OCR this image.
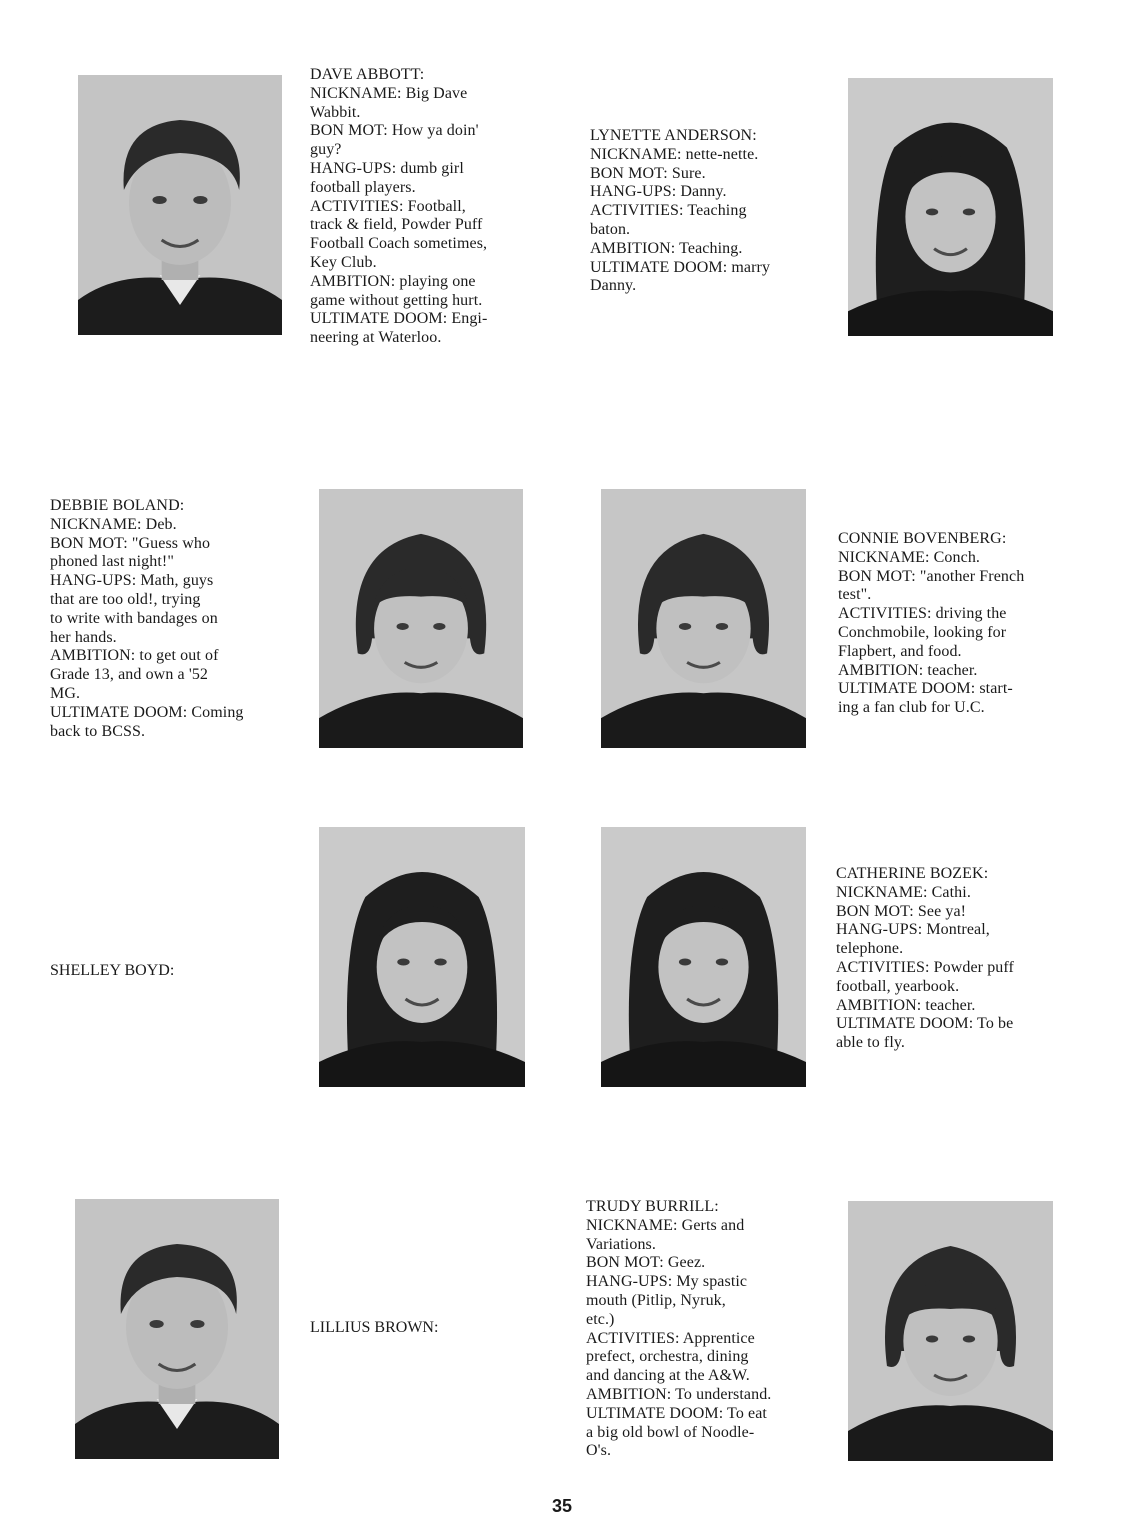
DAVE ABBOTT:
NICKNAME: Big Dave
Wabbit.
BON MOT: How ya doin'
guy?
HANG-UPS: dumb girl
football players.
ACTIVITIES: Football,
track & field, Powder Puff
Football Coach sometimes,
Key Club.
AMBITION: playing one
game without getting hurt.
ULTIMATE DOOM: Engi-
neering at Waterloo.
LYNETTE ANDERSON:
NICKNAME: nette-nette.
BON MOT: Sure.
HANG-UPS: Danny.
ACTIVITIES: Teaching
baton.
AMBITION: Teaching.
ULTIMATE DOOM: marry
Danny.
DEBBIE BOLAND:
NICKNAME: Deb.
BON MOT: "Guess who
phoned last night!"
HANG-UPS: Math, guys
that are too old!, trying
to write with bandages on
her hands.
AMBITION: to get out of
Grade 13, and own a '52
MG.
ULTIMATE DOOM: Coming
back to BCSS.
CONNIE BOVENBERG:
NICKNAME: Conch.
BON MOT: "another French
test".
ACTIVITIES: driving the
Conchmobile, looking for
Flapbert, and food.
AMBITION: teacher.
ULTIMATE DOOM: start-
ing a fan club for U.C.
SHELLEY BOYD:
CATHERINE BOZEK:
NICKNAME: Cathi.
BON MOT: See ya!
HANG-UPS: Montreal,
telephone.
ACTIVITIES: Powder puff
football, yearbook.
AMBITION: teacher.
ULTIMATE DOOM: To be
able to fly.
LILLIUS BROWN:
TRUDY BURRILL:
NICKNAME: Gerts and
Variations.
BON MOT: Geez.
HANG-UPS: My spastic
mouth (Pitlip, Nyruk,
etc.)
ACTIVITIES: Apprentice
prefect, orchestra, dining
and dancing at the A&W.
AMBITION: To understand.
ULTIMATE DOOM: To eat
a big old bowl of Noodle-
O's.
35
